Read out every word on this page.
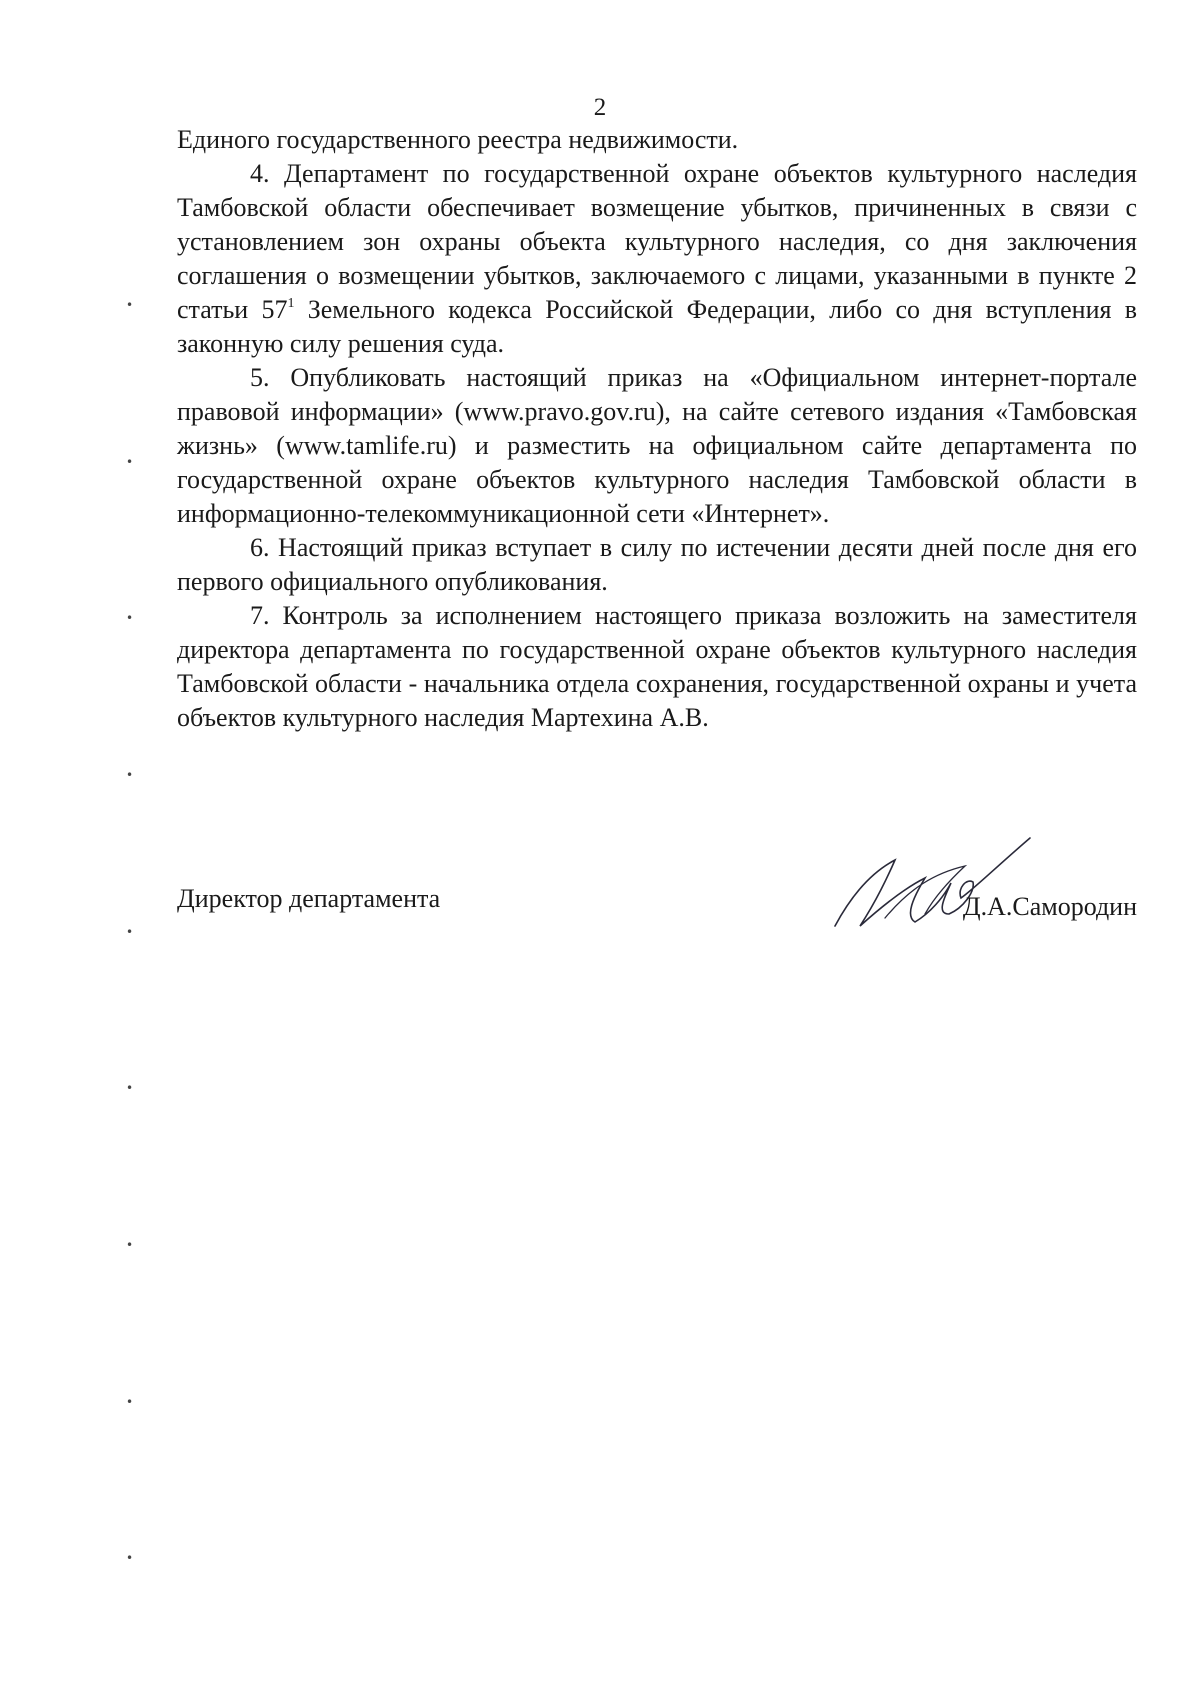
•
•
•
•
•
•
•
•
•
2

Единого государственного реестра недвижимости.

4. Департамент по государственной охране объектов культурного наследия Тамбовской области обеспечивает возмещение убытков, причиненных в связи с установлением зон охраны объекта культурного наследия, со дня заключения соглашения о возмещении убытков, заключаемого с лицами, указанными в пункте 2 статьи $57^1$ Земельного кодекса Российской Федерации, либо со дня вступления в законную силу решения суда.

5. Опубликовать настоящий приказ на «Официальном интернет-портале правовой информации» (www.pravo.gov.ru), на сайте сетевого издания «Тамбовская жизнь» (www.tamlife.ru) и разместить на официальном сайте департамента по государственной охране объектов культурного наследия Тамбовской области в информационно-телекоммуникационной сети «Интернет».

6. Настоящий приказ вступает в силу по истечении десяти дней после дня его первого официального опубликования.

7. Контроль за исполнением настоящего приказа возложить на заместителя директора департамента по государственной охране объектов культурного наследия Тамбовской области - начальника отдела сохранения, государственной охраны и учета объектов культурного наследия Мартехина А.В.

Директор департамента	Д.А.Самородин
